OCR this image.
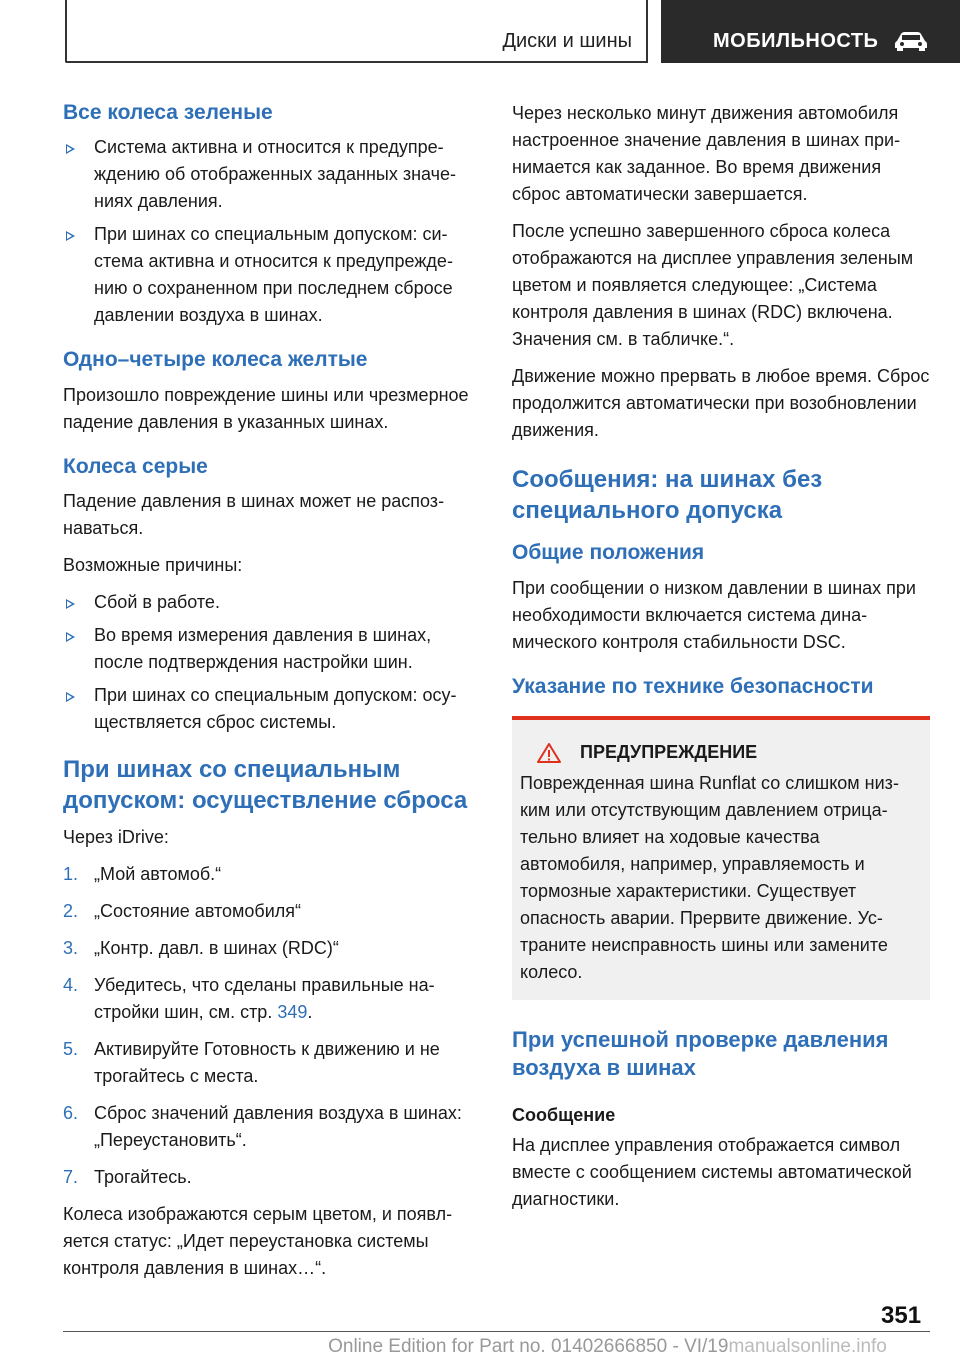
Диски и шины	МОБИЛЬНОСТЬ
Все колеса зеленые
Система активна и относится к предупреждению об отображенных заданных значениях давления.
При шинах со специальным допуском: система активна и относится к предупреждению о сохраненном при последнем сбросе давлении воздуха в шинах.
Одно–четыре колеса желтые

Произошло повреждение шины или чрезмерное падение давления в указанных шинах.

Колеса серые

Падение давления в шинах может не распознаваться.

Возможные причины:

Сбой в работе.
Во время измерения давления в шинах, после подтверждения настройки шин.
При шинах со специальным допуском: осуществляется сброс системы.
При шинах со специальным допуском: осуществление сброса

Через iDrive:

1. „Мой автомоб.“
2. „Состояние автомобиля“
3. „Контр. давл. в шинах (RDC)“
4. Убедитесь, что сделаны правильные настройки шин, см. стр. 349.
5. Активируйте Готовность к движению и не трогайтесь с места.
6. Сброс значений давления воздуха в шинах: „Переустановить“.
7. Трогайтесь.

Колеса изображаются серым цветом, и появляется статус: „Идет переустановка системы контроля давления в шинах…“.

Через несколько минут движения автомобиля настроенное значение давления в шинах принимается как заданное. Во время движения сброс автоматически завершается.

После успешно завершенного сброса колеса отображаются на дисплее управления зеленым цветом и появляется следующее: „Система контроля давления в шинах (RDC) включена. Значения см. в табличке.“.

Движение можно прервать в любое время. Сброс продолжится автоматически при возобновлении движения.

Сообщения: на шинах без специального допуска
Общие положения

При сообщении о низком давлении в шинах при необходимости включается система динамического контроля стабильности DSC.

Указание по технике безопасности
ПРЕДУПРЕЖДЕНИЕ

Поврежденная шина Runflat со слишком низким или отсутствующим давлением отрицательно влияет на ходовые качества автомобиля, например, управляемость и тормозные характеристики. Существует опасность аварии. Прервите движение. Устраните неисправность шины или замените колесо.

При успешной проверке давления воздуха в шинах
Сообщение

На дисплее управления отображается символ вместе с сообщением системы автоматической диагностики.

351
Online Edition for Part no. 01402666850 - VI/19manualsonline.info
